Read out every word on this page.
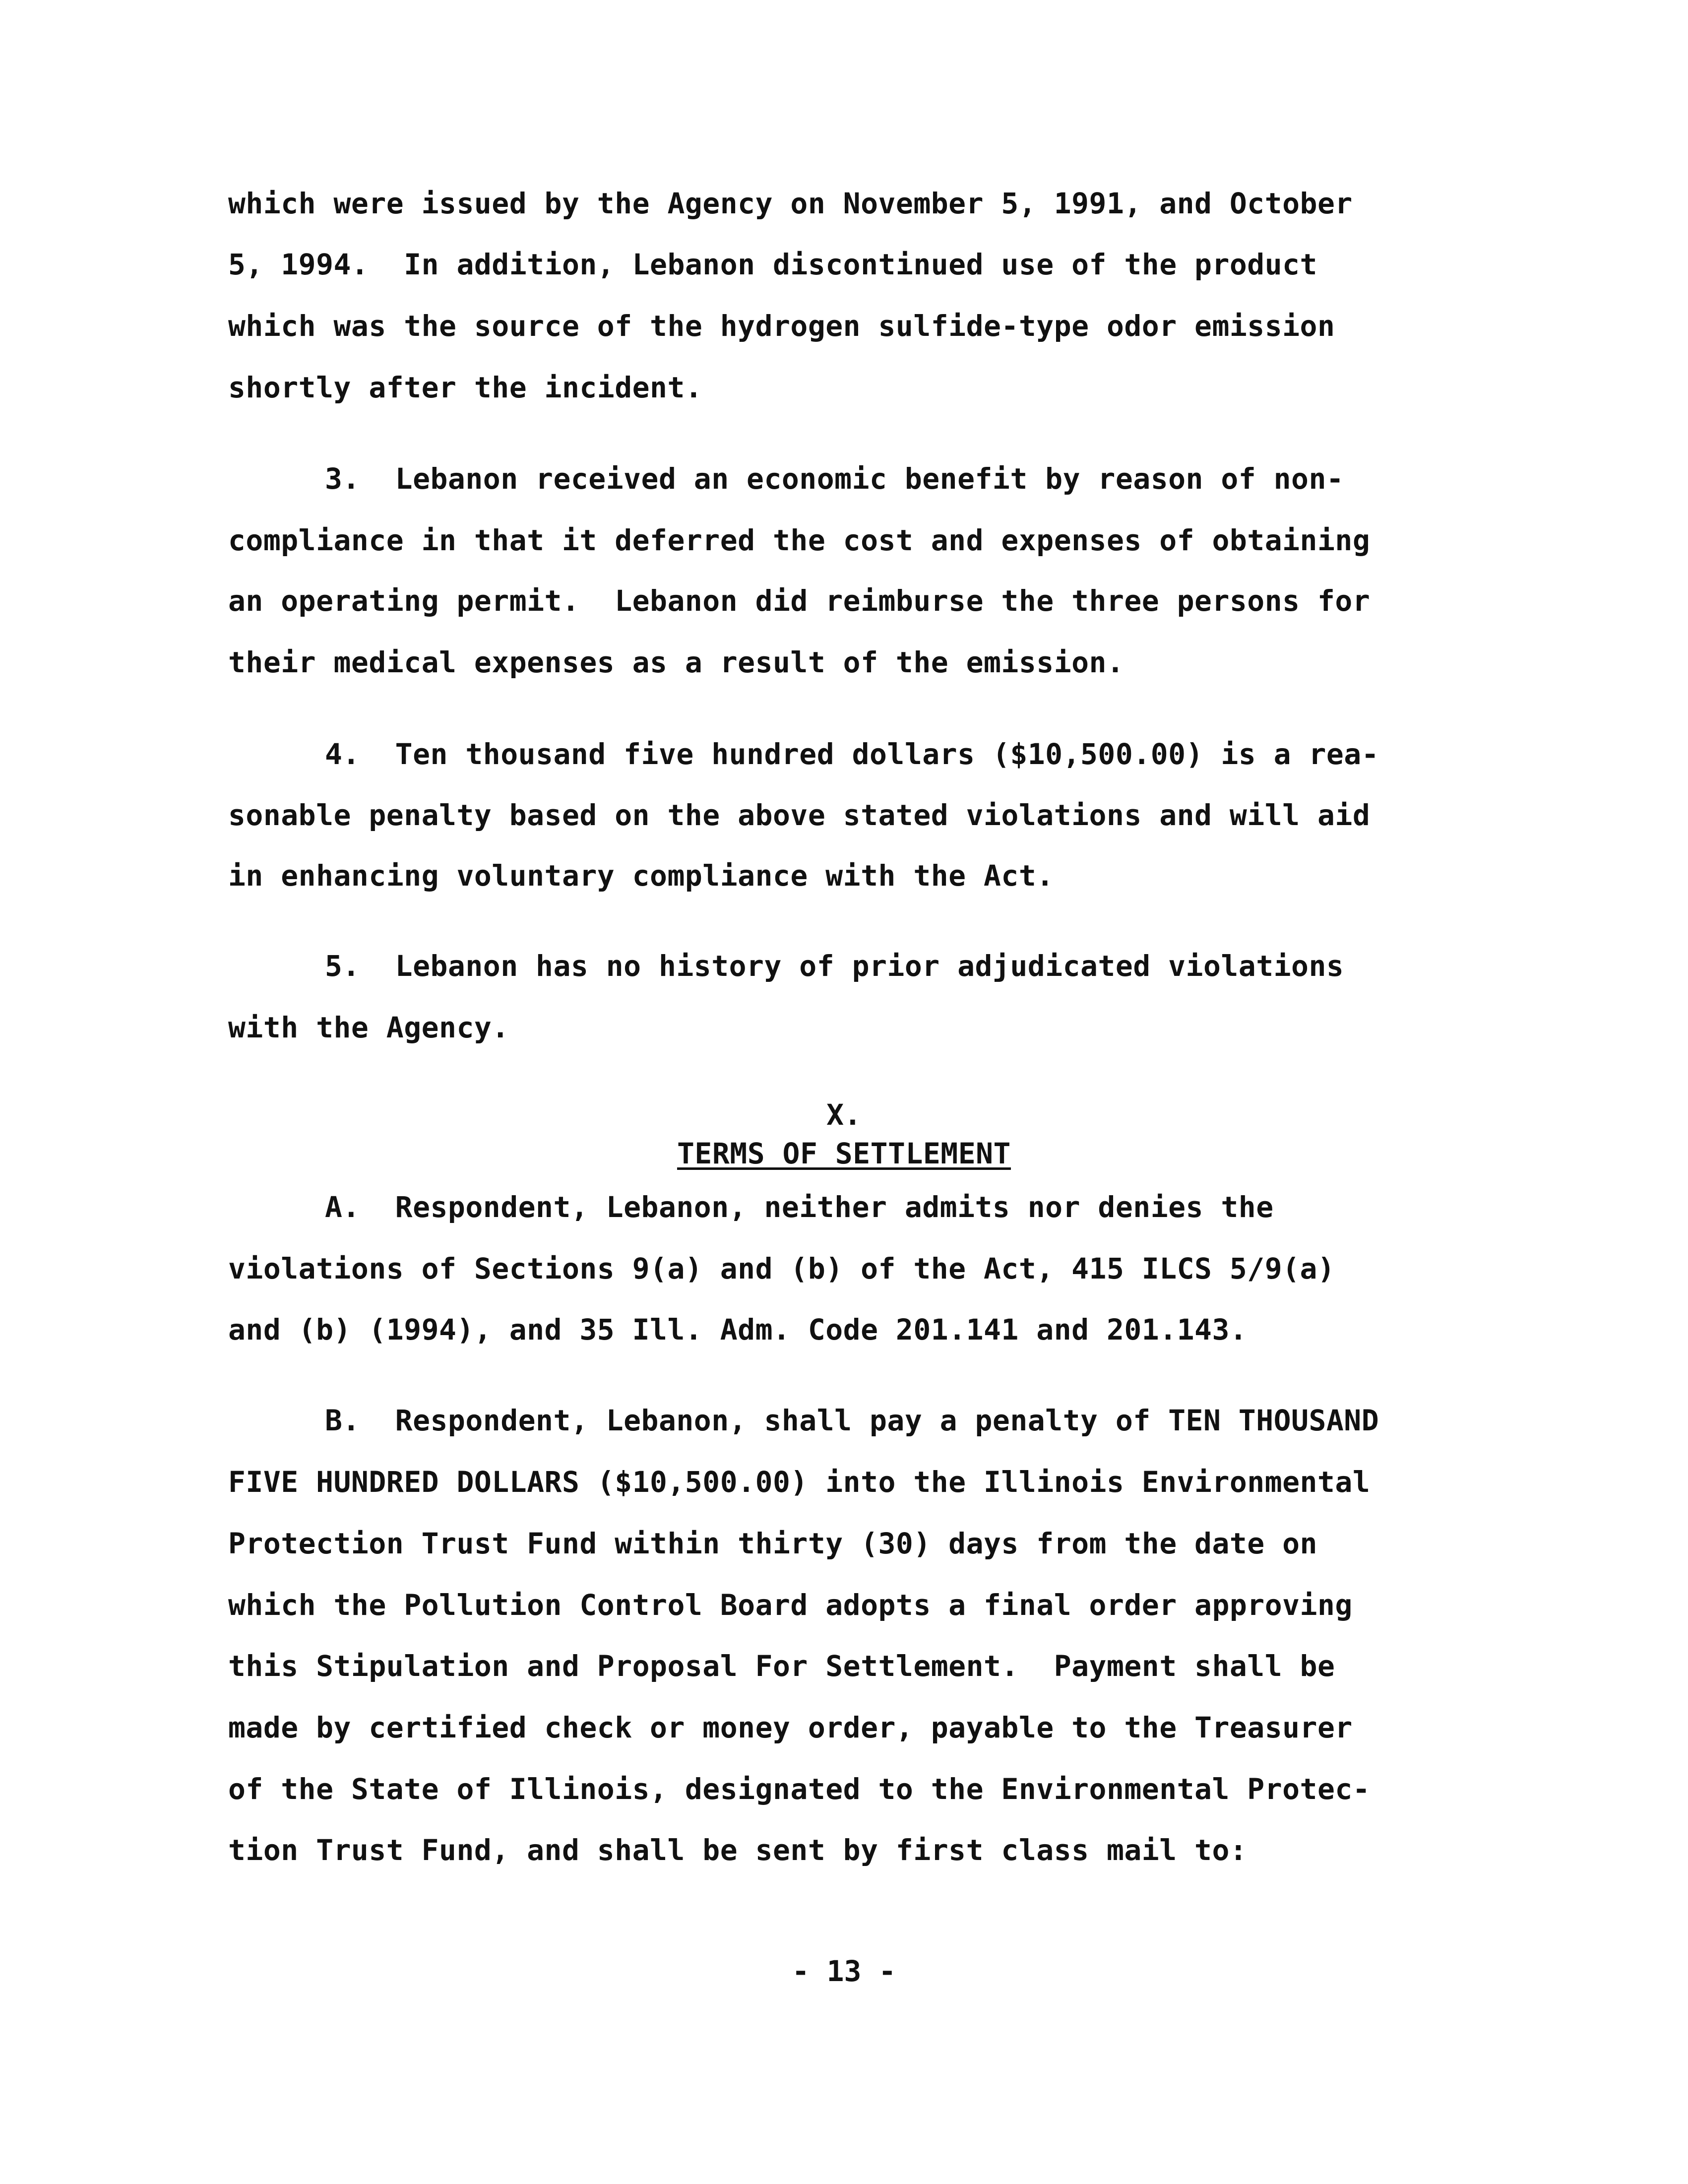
which were issued by the Agency on November 5, 1991, and October
5, 1994.  In addition, Lebanon discontinued use of the product
which was the source of the hydrogen sulfide-type odor emission
shortly after the incident.
3.  Lebanon received an economic benefit by reason of non-
compliance in that it deferred the cost and expenses of obtaining
an operating permit.  Lebanon did reimburse the three persons for
their medical expenses as a result of the emission.
4.  Ten thousand five hundred dollars ($10,500.00) is a rea-
sonable penalty based on the above stated violations and will aid
in enhancing voluntary compliance with the Act.
5.  Lebanon has no history of prior adjudicated violations
with the Agency.
X.
TERMS OF SETTLEMENT
A.  Respondent, Lebanon, neither admits nor denies the
violations of Sections 9(a) and (b) of the Act, 415 ILCS 5/9(a)
and (b) (1994), and 35 Ill. Adm. Code 201.141 and 201.143.
B.  Respondent, Lebanon, shall pay a penalty of TEN THOUSAND
FIVE HUNDRED DOLLARS ($10,500.00) into the Illinois Environmental
Protection Trust Fund within thirty (30) days from the date on
which the Pollution Control Board adopts a final order approving
this Stipulation and Proposal For Settlement.  Payment shall be
made by certified check or money order, payable to the Treasurer
of the State of Illinois, designated to the Environmental Protec-
tion Trust Fund, and shall be sent by first class mail to:
- 13 -
